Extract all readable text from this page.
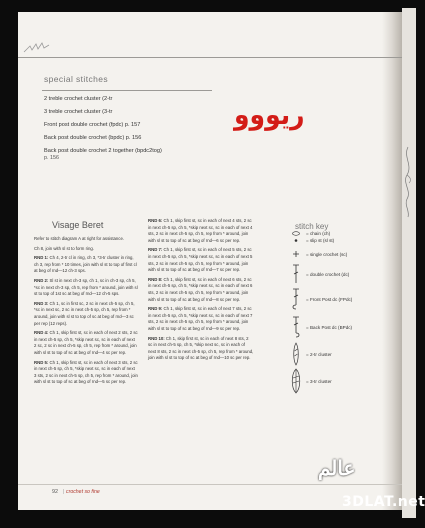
special stitches
2 treble crochet cluster (2-tr
3 treble crochet cluster (3-tr
Front post double crochet (fpdc) p. 157
Back post double crochet (bpdc) p. 156
Back post double crochet 2 together (bpdc2tog)
p. 156
ريووو
Visage Beret	stitch key

Refer to stitch diagram A at right for assistance.

Ch 8, join with sl st to form ring.

RND 1: Ch 4, 2-tr cl in ring, ch 3, *3-tr cluster in ring, ch 3, rep from * 10 times, join with sl st to top of first cl at beg of rnd—12 ch-3 sps.

RND 2: Sl st in next ch-3 sp, ch 1, sc in ch-3 sp, ch 5, *sc in next ch-3 sp, ch 5, rep from * around, join with sl st to top of 1st sc at beg of rnd—12 ch-5 sps.

RND 3: Ch 1, sc in first sc, 2 sc in next ch-5 sp, ch 5, *sc in next sc, 2 sc in next ch-5 sp, ch 5, rep from * around, join with sl st to top of sc at beg of rnd—3 sc per rep (12 reps).

RND 4: Ch 1, skip first st, sc in each of next 2 sts, 2 sc in next ch-5 sp, ch 5, *skip next sc, sc in each of next 2 sc, 2 sc in next ch-5 sp, ch 5, rep from * around, join with sl st to top of sc at beg of rnd—4 sc per rep.

RND 5: Ch 1, skip first st, sc in each of next 3 sts, 2 sc in next ch-5 sp, ch 5, *skip next sc, sc in each of next 3 sts, 2 sc in next ch-5 sp, ch 5, rep from * around, join with sl st to top of sc at beg of rnd—5 sc per rep.

RND 6: Ch 1, skip first st, sc in each of next 4 sts, 2 sc in next ch-5 sp, ch 5, *skip next sc, sc in each of next 4 sts, 2 sc in next ch-5 sp, ch 5, rep from * around, join with sl st to top of sc at beg of rnd—6 sc per rep.

RND 7: Ch 1, skip first st, sc in each of next 5 sts, 2 sc in next ch-5 sp, ch 5, *skip next sc, sc in each of next 5 sts, 2 sc in next ch-5 sp, ch 5, rep from * around, join with sl st to top of sc at beg of rnd—7 sc per rep.

RND 8: Ch 1, skip first st, sc in each of next 6 sts, 2 sc in next ch-5 sp, ch 5, *skip next sc, sc in each of next 6 sts, 2 sc in next ch-5 sp, ch 5, rep from * around, join with sl st to top of sc at beg of rnd—8 sc per rep.

RND 9: Ch 1, skip first st, sc in each of next 7 sts, 2 sc in next ch-5 sp, ch 5, *skip next sc, sc in each of next 7 sts, 2 sc in next ch-5 sp, ch 5, rep from * around, join with sl st to top of sc at beg of rnd—9 sc per rep.

RND 10: Ch 1, skip first st, sc in each of next 8 sts, 2 sc in next ch-5 sp, ch 5, *skip next sc, sc in each of next 8 sts, 2 sc in next ch-5 sp, ch 5, rep from * around, join with sl st to top of sc at beg of rnd—10 sc per rep.

= chain (ch)
= slip st (sl st)
= single crochet (sc)
= double crochet (dc)
= Front Post dc (FPdc)
= Back Post dc (BPdc)
= 2-tr cluster
= 3-tr cluster
92 | crochet so fine
عالم
3DLAT.net
